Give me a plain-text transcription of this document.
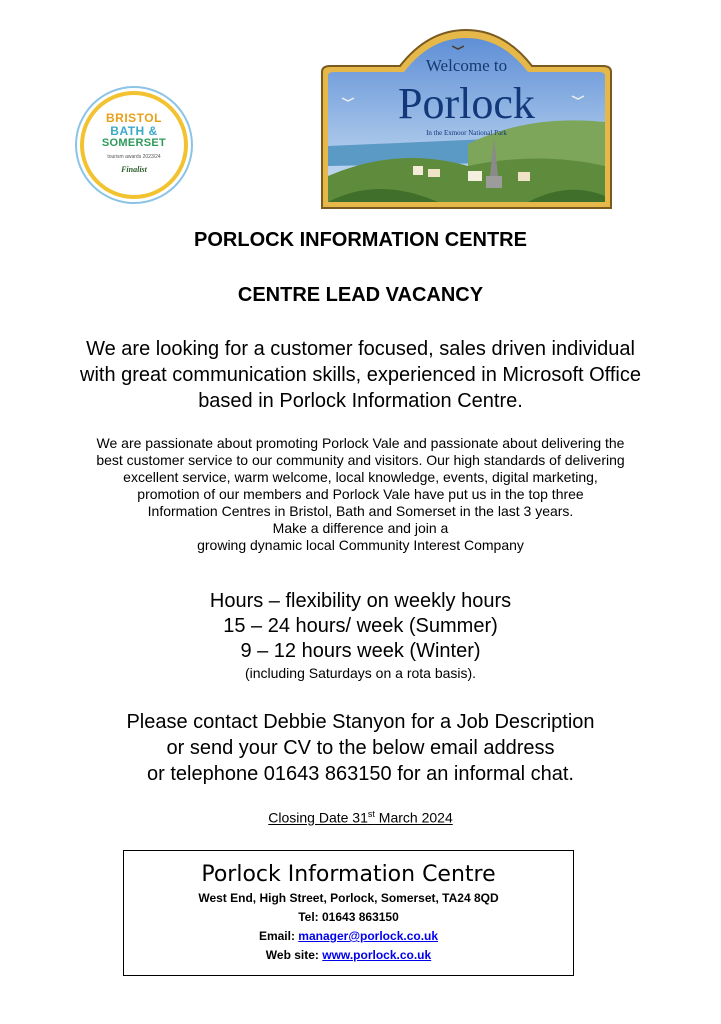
BRISTOL
BATH &
SOMERSET
tourism awards 2023/24
Finalist
Welcome to
Porlock
In the Exmoor National Park
PORLOCK INFORMATION CENTRE
CENTRE LEAD VACANCY
We are looking for a customer focused, sales driven individual
with great communication skills, experienced in Microsoft Office
based in Porlock Information Centre.
We are passionate about promoting Porlock Vale and passionate about delivering the
best customer service to our community and visitors. Our high standards of delivering
excellent service, warm welcome, local knowledge, events, digital marketing,
promotion of our members and Porlock Vale have put us in the top three
Information Centres in Bristol, Bath and Somerset in the last 3 years.
Make a difference and join a
growing dynamic local Community Interest Company
Hours – flexibility on weekly hours
15 – 24 hours/ week (Summer)
9 – 12 hours week (Winter)
(including Saturdays on a rota basis).
Please contact Debbie Stanyon for a Job Description
or send your CV to the below email address
or telephone 01643 863150 for an informal chat.
Closing Date 31st March 2024
Porlock Information Centre
West End, High Street, Porlock, Somerset, TA24 8QD
Tel: 01643 863150
Email: manager@porlock.co.uk
Web site: www.porlock.co.uk
